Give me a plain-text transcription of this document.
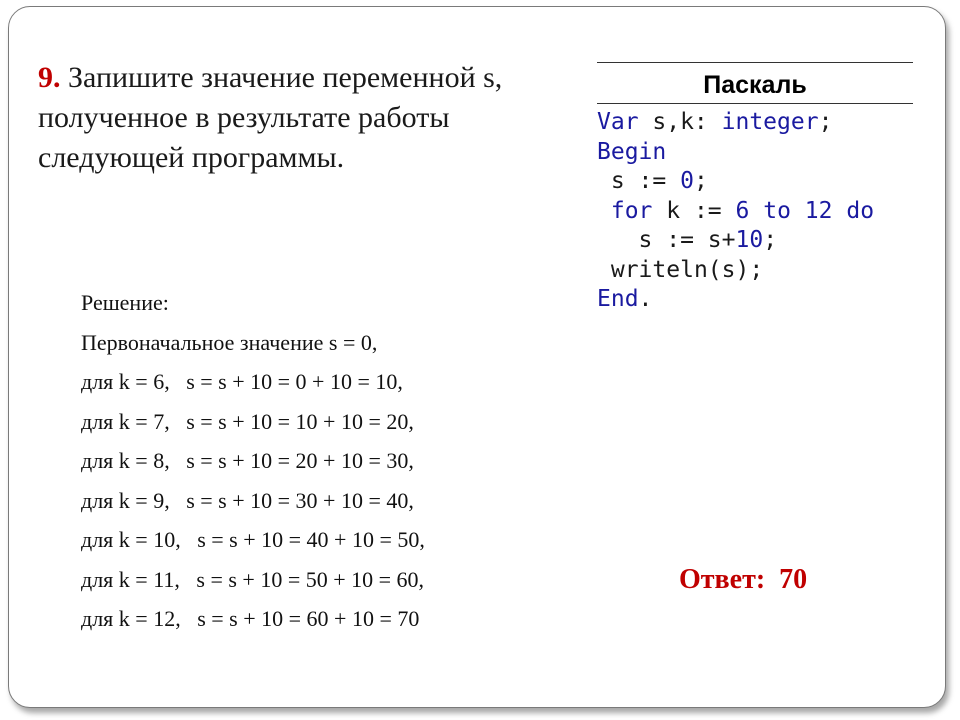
9. Запишите значение переменной s, полученное в результате работы следующей программы.
Паскаль
Var s,k: integer;
Begin
s := 0;
for k := 6 to 12 do
s := s+10;
writeln(s);
End.
Решение:
Первоначальное значение s = 0,
для k = 6,   s = s + 10 = 0 + 10 = 10,
для k = 7,   s = s + 10 = 10 + 10 = 20,
для k = 8,   s = s + 10 = 20 + 10 = 30,
для k = 9,   s = s + 10 = 30 + 10 = 40,
для k = 10,   s = s + 10 = 40 + 10 = 50,
для k = 11,   s = s + 10 = 50 + 10 = 60,
для k = 12,   s = s + 10 = 60 + 10 = 70
Ответ: 70
